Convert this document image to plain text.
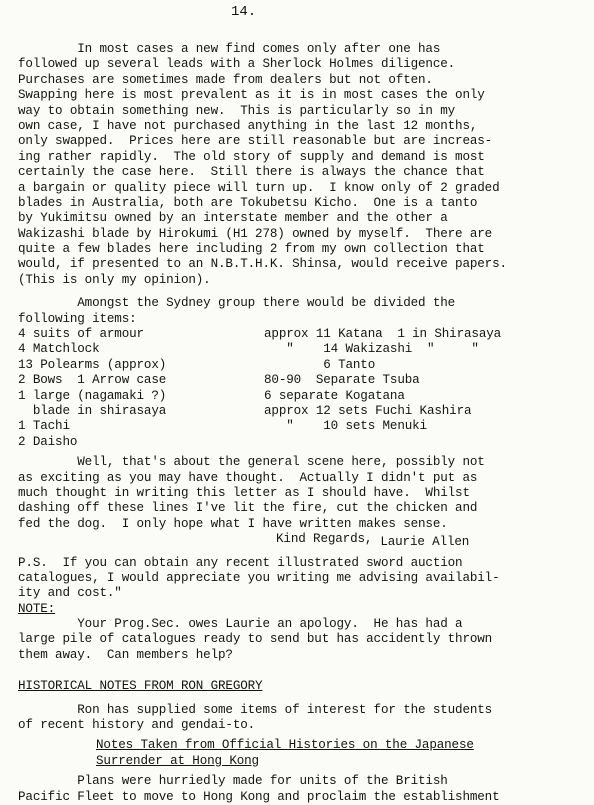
14.
In most cases a new find comes only after one has
followed up several leads with a Sherlock Holmes diligence.
Purchases are sometimes made from dealers but not often.
Swapping here is most prevalent as it is in most cases the only
way to obtain something new.  This is particularly so in my
own case, I have not purchased anything in the last 12 months,
only swapped.  Prices here are still reasonable but are increas-
ing rather rapidly.  The old story of supply and demand is most
certainly the case here.  Still there is always the chance that
a bargain or quality piece will turn up.  I know only of 2 graded
blades in Australia, both are Tokubetsu Kicho.  One is a tanto
by Yukimitsu owned by an interstate member and the other a
Wakizashi blade by Hirokumi (H1 278) owned by myself.  There are
quite a few blades here including 2 from my own collection that
would, if presented to an N.B.T.H.K. Shinsa, would receive papers.
(This is only my opinion).
Amongst the Sydney group there would be divided the
following items:
4 suits of armour
4 Matchlock
13 Polearms (approx)
2 Bows  1 Arrow case
1 large (nagamaki ?)
blade in shirasaya
1 Tachi
2 Daisho
approx 11 Katana  1 in Shirasaya
"    14 Wakizashi  "     "
6 Tanto
80-90  Separate Tsuba
6 separate Kogatana
approx 12 sets Fuchi Kashira
"    10 sets Menuki
Well, that's about the general scene here, possibly not
as exciting as you may have thought.  Actually I didn't put as
much thought in writing this letter as I should have.  Whilst
dashing off these lines I've lit the fire, cut the chicken and
fed the dog.  I only hope what I have written makes sense.
Kind Regards, Laurie Allen
P.S.  If you can obtain any recent illustrated sword auction
catalogues, I would appreciate you writing me advising availabil-
ity and cost."
NOTE:
Your Prog.Sec. owes Laurie an apology.  He has had a
large pile of catalogues ready to send but has accidently thrown
them away.  Can members help?
HISTORICAL NOTES FROM RON GREGORY
Ron has supplied some items of interest for the students
of recent history and gendai-to.
Notes Taken from Official Histories on the Japanese
Surrender at Hong Kong
Plans were hurriedly made for units of the British
Pacific Fleet to move to Hong Kong and proclaim the establishment
